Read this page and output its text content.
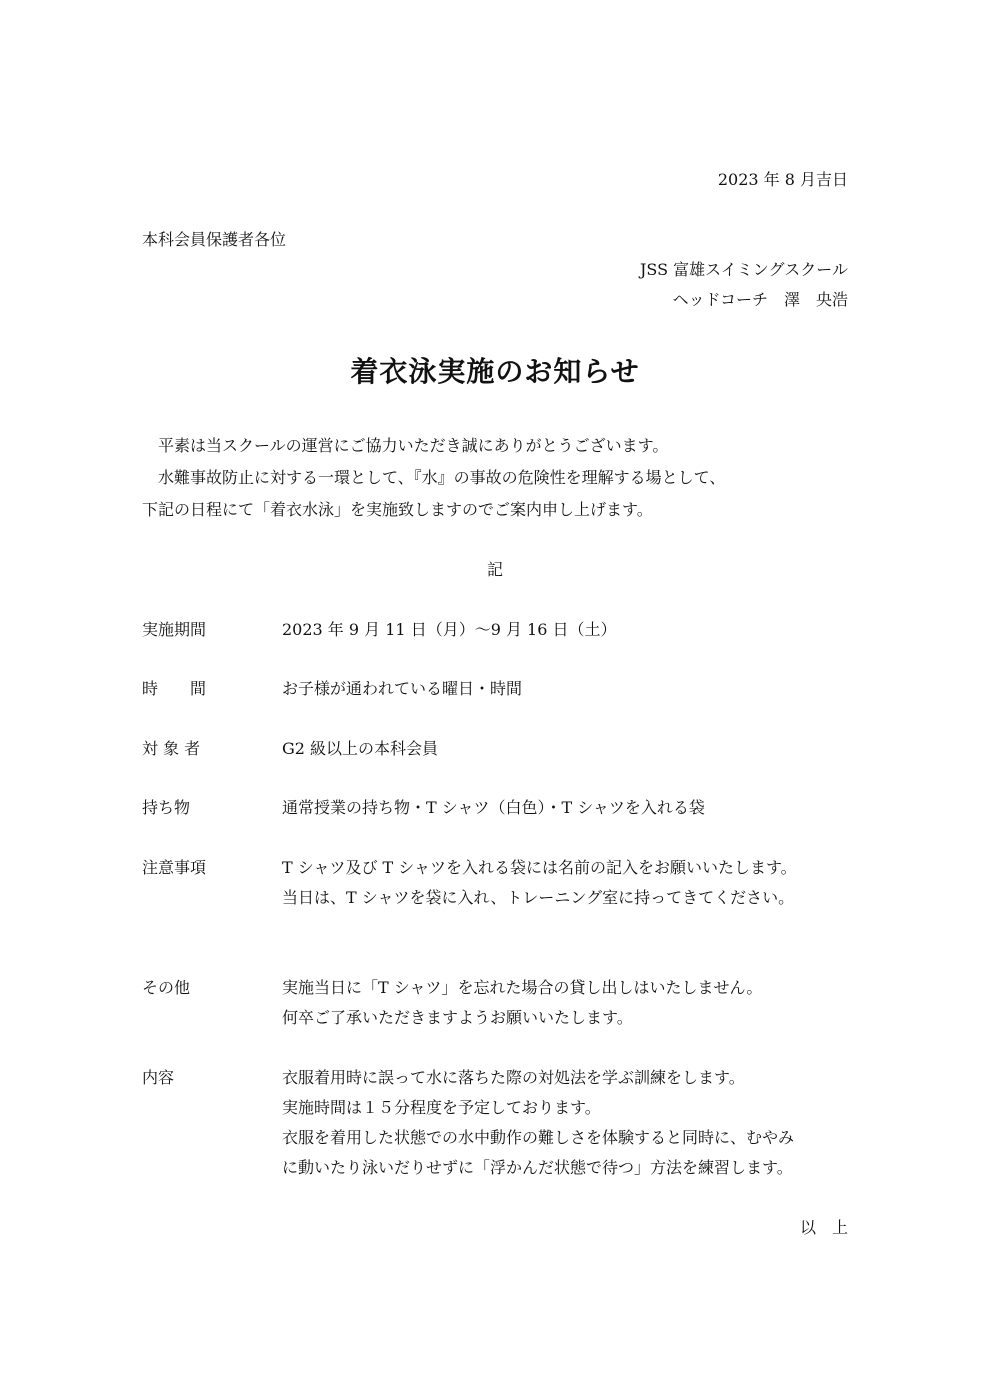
2023 年 8 月吉日
本科会員保護者各位
JSS 富雄スイミングスクール
ヘッドコーチ　澤　央浩
着衣泳実施のお知らせ
平素は当スクールの運営にご協力いただき誠にありがとうございます。
水難事故防止に対する一環として、『水』の事故の危険性を理解する場として、
下記の日程にて「着衣水泳」を実施致しますのでご案内申し上げます。
記
実施期間	2023 年 9 月 11 日（月）～9 月 16 日（土）
時　　間	お子様が通われている曜日・時間
対 象 者	G2 級以上の本科会員
持ち物	通常授業の持ち物・T シャツ（白色）・T シャツを入れる袋
注意事項	T シャツ及び T シャツを入れる袋には名前の記入をお願いいたします。
当日は、T シャツを袋に入れ、トレーニング室に持ってきてください。
その他	実施当日に「T シャツ」を忘れた場合の貸し出しはいたしません。
何卒ご了承いただきますようお願いいたします。
内容	衣服着用時に誤って水に落ちた際の対処法を学ぶ訓練をします。
実施時間は１５分程度を予定しております。
衣服を着用した状態での水中動作の難しさを体験すると同時に、むやみ
に動いたり泳いだりせずに「浮かんだ状態で待つ」方法を練習します。
以　上
